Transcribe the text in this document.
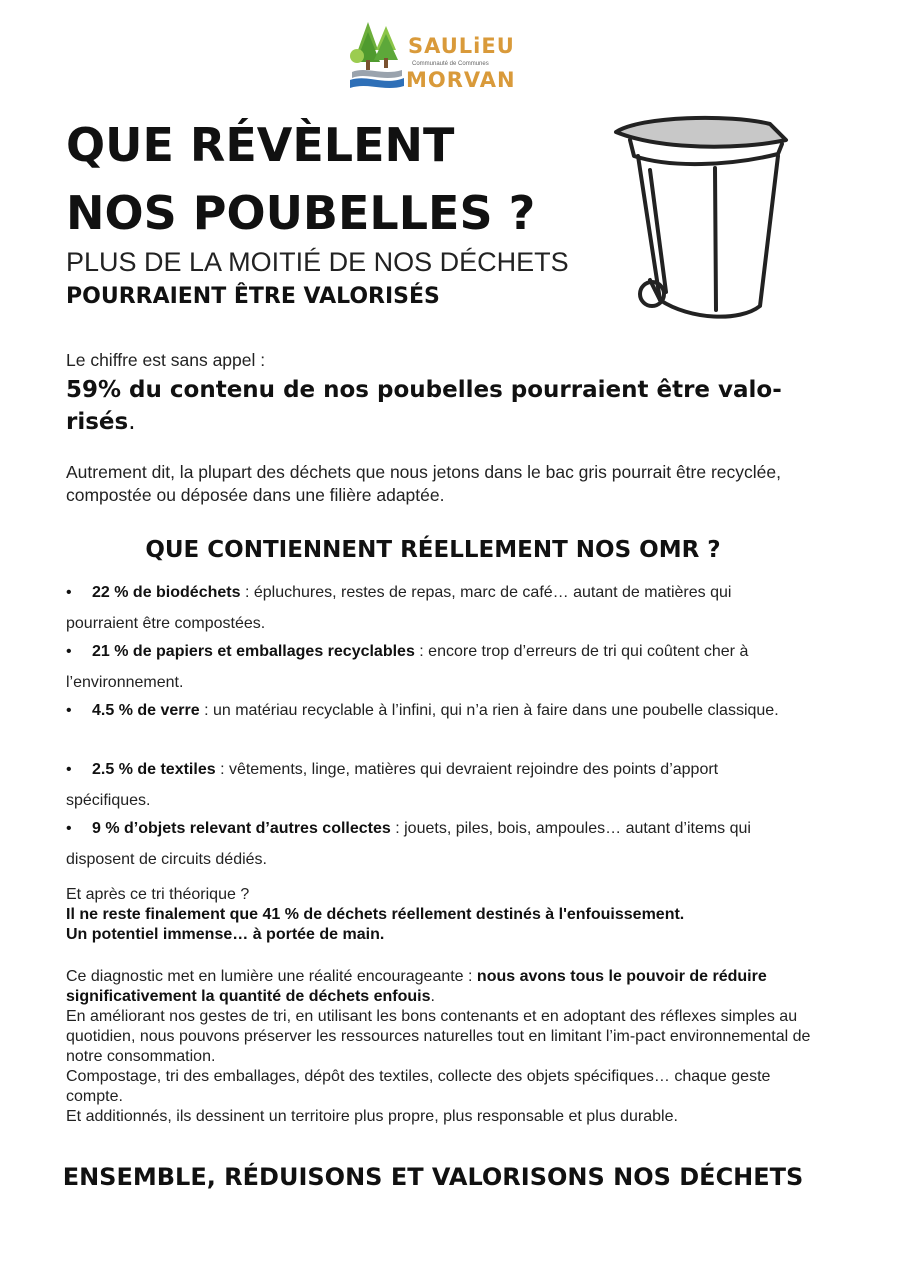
SAULiEU
Communauté de Communes
MORVAN
QUE RÉVÈLENT
NOS POUBELLES ?
PLUS DE LA MOITIÉ DE NOS DÉCHETS
POURRAIENT ÊTRE VALORISÉS
Le chiffre est sans appel :
59% du contenu de nos poubelles pourraient être valo-risés.
Autrement dit, la plupart des déchets que nous jetons dans le bac gris pourrait être recyclée, compostée ou déposée dans une filière adaptée.
QUE CONTIENNENT RÉELLEMENT NOS OMR ?
• 22 % de biodéchets : épluchures, restes de repas, marc de café… autant de matières qui pourraient être compostées.
• 21 % de papiers et emballages recyclables : encore trop d’erreurs de tri qui coûtent cher à l’environnement.
• 4.5 % de verre : un matériau recyclable à l’infini, qui n’a rien à faire dans une poubelle classique.
• 2.5 % de textiles : vêtements, linge, matières qui devraient rejoindre des points d’apport spécifiques.
• 9 % d’objets relevant d’autres collectes : jouets, piles, bois, ampoules… autant d’items qui disposent de circuits dédiés.
Et après ce tri théorique ?
Il ne reste finalement que 41 % de déchets réellement destinés à l'enfouissement.
Un potentiel immense… à portée de main.
Ce diagnostic met en lumière une réalité encourageante : nous avons tous le pouvoir de réduire significativement la quantité de déchets enfouis.
En améliorant nos gestes de tri, en utilisant les bons contenants et en adoptant des réflexes simples au quotidien, nous pouvons préserver les ressources naturelles tout en limitant l’im-pact environnemental de notre consommation.
Compostage, tri des emballages, dépôt des textiles, collecte des objets spécifiques… chaque geste compte.
Et additionnés, ils dessinent un territoire plus propre, plus responsable et plus durable.
ENSEMBLE, RÉDUISONS ET VALORISONS NOS DÉCHETS
